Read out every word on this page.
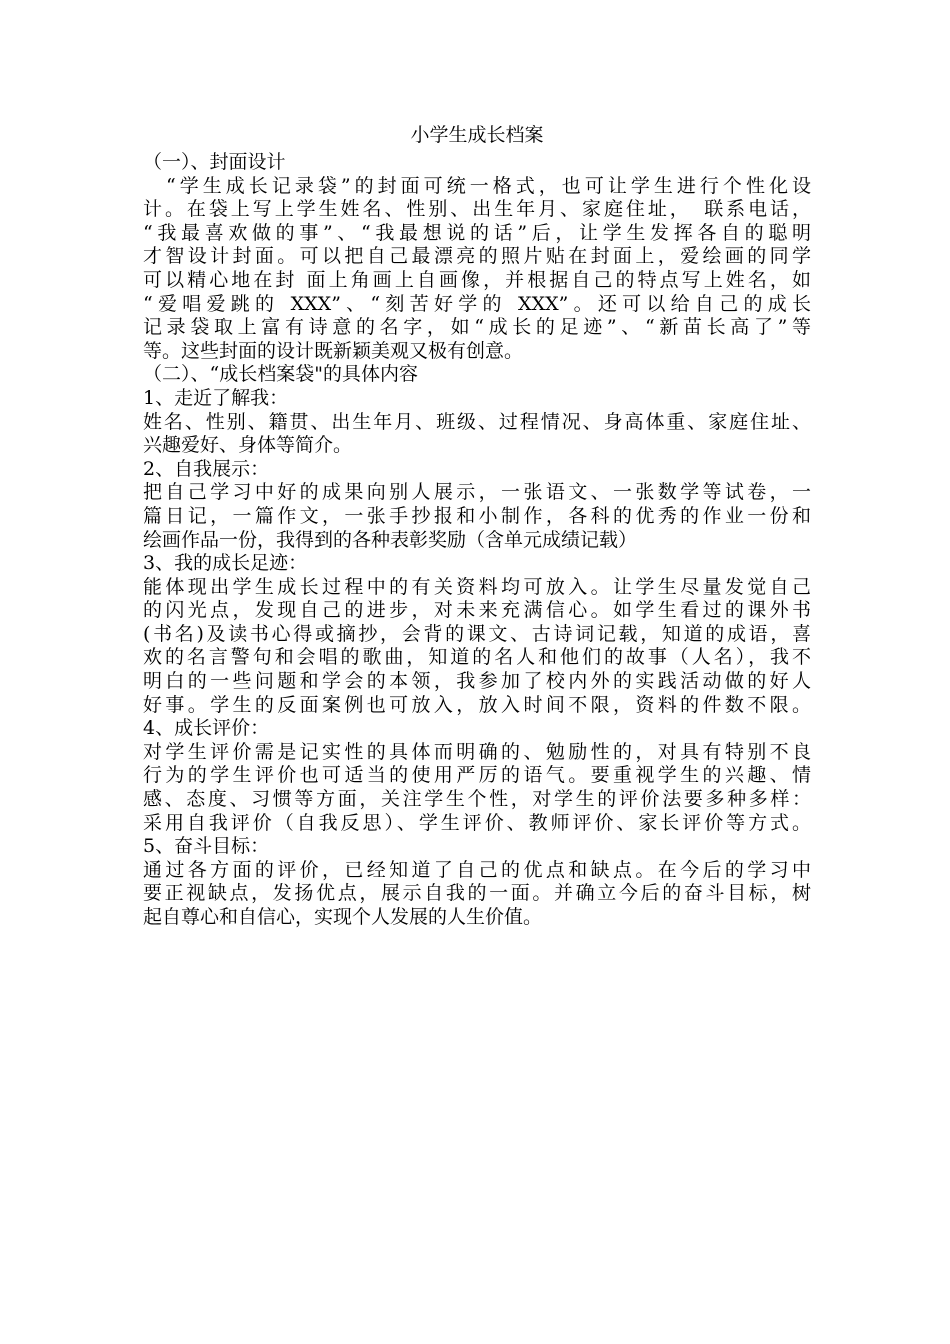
小学生成长档案

（一）、封面设计

　“学生成长记录袋”的封面可统一格式，也可让学生进行个性化设

计。在袋上写上学生姓名、性别、出生年月、家庭住址，　联系电话，

“我最喜欢做的事”、“我最想说的话”后，让学生发挥各自的聪明

才智设计封面。可以把自己最漂亮的照片贴在封面上，爱绘画的同学

可以精心地在封 面上角画上自画像，并根据自己的特点写上姓名，如

“爱唱爱跳的 XXX”、“刻苦好学的 XXX”。还可以给自己的成长

记录袋取上富有诗意的名字，如“成长的足迹”、“新苗长高了”等

等。这些封面的设计既新颖美观又极有创意。

（二）、“成长档案袋"的具体内容

1、走近了解我：

姓名、性别、籍贯、出生年月、班级、过程情况、身高体重、家庭住址、

兴趣爱好、身体等简介。

2、自我展示：

把自己学习中好的成果向别人展示，一张语文、一张数学等试卷，一

篇日记，一篇作文，一张手抄报和小制作，各科的优秀的作业一份和

绘画作品一份，我得到的各种表彰奖励（含单元成绩记载）

3、我的成长足迹：

能体现出学生成长过程中的有关资料均可放入。让学生尽量发觉自己

的闪光点，发现自己的进步，对未来充满信心。如学生看过的课外书

(书名)及读书心得或摘抄，会背的课文、古诗词记载，知道的成语，喜

欢的名言警句和会唱的歌曲，知道的名人和他们的故事（人名），我不

明白的一些问题和学会的本领，我参加了校内外的实践活动做的好人

好事。学生的反面案例也可放入，放入时间不限，资料的件数不限。

4、成长评价：

对学生评价需是记实性的具体而明确的、勉励性的，对具有特别不良

行为的学生评价也可适当的使用严厉的语气。要重视学生的兴趣、情

感、态度、习惯等方面，关注学生个性，对学生的评价法要多种多样：

采用自我评价（自我反思）、学生评价、教师评价、家长评价等方式。

5、奋斗目标：

通过各方面的评价，已经知道了自己的优点和缺点。在今后的学习中

要正视缺点，发扬优点，展示自我的一面。并确立今后的奋斗目标，树

起自尊心和自信心，实现个人发展的人生价值。
